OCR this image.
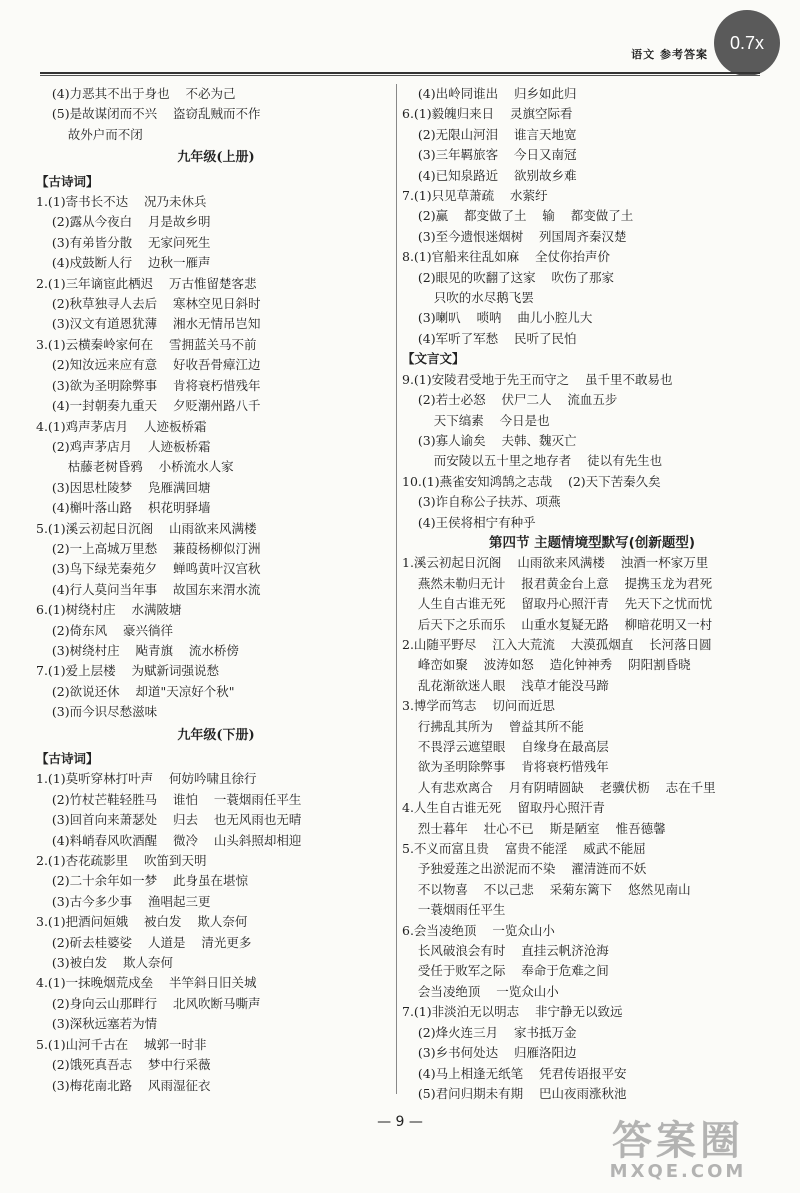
语文 参考答案
0.7x
(4)力恶其不出于身也    不必为己
(5)是故谋闭而不兴    盗窃乱贼而不作
故外户而不闭
九年级(上册)
【古诗词】
1.(1)寄书长不达    况乃未休兵
(2)露从今夜白    月是故乡明
(3)有弟皆分散    无家问死生
(4)戍鼓断人行    边秋一雁声
2.(1)三年谪宦此栖迟    万古惟留楚客悲
(2)秋草独寻人去后    寒林空见日斜时
(3)汉文有道恩犹薄    湘水无情吊岂知
3.(1)云横秦岭家何在    雪拥蓝关马不前
(2)知汝远来应有意    好收吾骨瘴江边
(3)欲为圣明除弊事    肯将衰朽惜残年
(4)一封朝奏九重天    夕贬潮州路八千
4.(1)鸡声茅店月    人迹板桥霜
(2)鸡声茅店月    人迹板桥霜
枯藤老树昏鸦    小桥流水人家
(3)因思杜陵梦    凫雁满回塘
(4)槲叶落山路    枳花明驿墙
5.(1)溪云初起日沉阁    山雨欲来风满楼
(2)一上高城万里愁    蒹葭杨柳似汀洲
(3)鸟下绿芜秦苑夕    蝉鸣黄叶汉宫秋
(4)行人莫问当年事    故国东来渭水流
6.(1)树绕村庄    水满陂塘
(2)倚东风    豪兴徜徉
(3)树绕村庄    飐青旗    流水桥傍
7.(1)爱上层楼    为赋新词强说愁
(2)欲说还休    却道"天凉好个秋"
(3)而今识尽愁滋味
九年级(下册)
【古诗词】
1.(1)莫听穿林打叶声    何妨吟啸且徐行
(2)竹杖芒鞋轻胜马    谁怕    一蓑烟雨任平生
(3)回首向来萧瑟处    归去    也无风雨也无晴
(4)料峭春风吹酒醒    微冷    山头斜照却相迎
2.(1)杏花疏影里    吹笛到天明
(2)二十余年如一梦    此身虽在堪惊
(3)古今多少事    渔唱起三更
3.(1)把酒问姮娥    被白发    欺人奈何
(2)斫去桂婆娑    人道是    清光更多
(3)被白发    欺人奈何
4.(1)一抹晚烟荒戍垒    半竿斜日旧关城
(2)身向云山那畔行    北风吹断马嘶声
(3)深秋远塞若为情
5.(1)山河千古在    城郭一时非
(2)饿死真吾志    梦中行采薇
(3)梅花南北路    风雨湿征衣
(4)出岭同谁出    归乡如此归
6.(1)毅魄归来日    灵旗空际看
(2)无限山河泪    谁言天地宽
(3)三年羁旅客    今日又南冠
(4)已知泉路近    欲别故乡难
7.(1)只见草萧疏    水萦纡
(2)赢    都变做了土    输    都变做了土
(3)至今遗恨迷烟树    列国周齐秦汉楚
8.(1)官船来往乱如麻    全仗你抬声价
(2)眼见的吹翻了这家    吹伤了那家
只吹的水尽鹅飞罢
(3)喇叭    唢呐    曲儿小腔儿大
(4)军听了军愁    民听了民怕
【文言文】
9.(1)安陵君受地于先王而守之    虽千里不敢易也
(2)若士必怒    伏尸二人    流血五步
天下缟素    今日是也
(3)寡人谕矣    夫韩、魏灭亡
而安陵以五十里之地存者    徒以有先生也
10.(1)燕雀安知鸿鹄之志哉    (2)天下苦秦久矣
(3)诈自称公子扶苏、项燕
(4)王侯将相宁有种乎
第四节 主题情境型默写(创新题型)
1.溪云初起日沉阁    山雨欲来风满楼    浊酒一杯家万里
燕然未勒归无计    报君黄金台上意    提携玉龙为君死
人生自古谁无死    留取丹心照汗青    先天下之忧而忧
后天下之乐而乐    山重水复疑无路    柳暗花明又一村
2.山随平野尽    江入大荒流    大漠孤烟直    长河落日圆
峰峦如聚    波涛如怒    造化钟神秀    阴阳割昏晓
乱花渐欲迷人眼    浅草才能没马蹄
3.博学而笃志    切问而近思
行拂乱其所为    曾益其所不能
不畏浮云遮望眼    自缘身在最高层
欲为圣明除弊事    肯将衰朽惜残年
人有悲欢离合    月有阴晴圆缺    老骥伏枥    志在千里
4.人生自古谁无死    留取丹心照汗青
烈士暮年    壮心不已    斯是陋室    惟吾德馨
5.不义而富且贵    富贵不能淫    威武不能屈
予独爱莲之出淤泥而不染    濯清涟而不妖
不以物喜    不以己悲    采菊东篱下    悠然见南山
一蓑烟雨任平生
6.会当凌绝顶    一览众山小
长风破浪会有时    直挂云帆济沧海
受任于败军之际    奉命于危难之间
会当凌绝顶    一览众山小
7.(1)非淡泊无以明志    非宁静无以致远
(2)烽火连三月    家书抵万金
(3)乡书何处达    归雁洛阳边
(4)马上相逢无纸笔    凭君传语报平安
(5)君问归期未有期    巴山夜雨涨秋池
— 9 —	答案圈
MXQE.COM
